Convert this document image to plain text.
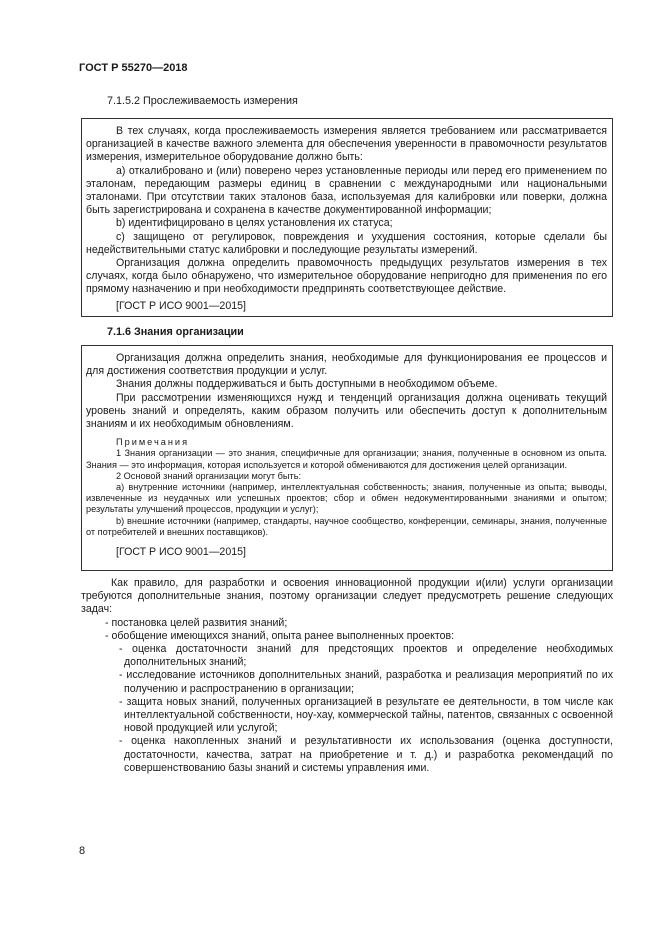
ГОСТ Р 55270—2018
7.1.5.2 Прослеживаемость измерения

В тех случаях, когда прослеживаемость измерения является требованием или рассматривается организацией в качестве важного элемента для обеспечения уверенности в правомочности результатов измерения, измерительное оборудование должно быть:

а) откалибровано и (или) поверено через установленные периоды или перед его применением по эталонам, передающим размеры единиц в сравнении с международными или национальными эталонами. При отсутствии таких эталонов база, используемая для калибровки или поверки, должна быть зарегистрирована и сохранена в качестве документированной информации;

b) идентифицировано в целях установления их статуса;

с) защищено от регулировок, повреждения и ухудшения состояния, которые сделали бы недействительными статус калибровки и последующие результаты измерений.

Организация должна определить правомочность предыдущих результатов измерения в тех случаях, когда было обнаружено, что измерительное оборудование непригодно для применения по его прямому назначению и при необходимости предпринять соответствующее действие.

[ГОСТ Р ИСО 9001—2015]
7.1.6 Знания организации

Организация должна определить знания, необходимые для функционирования ее процессов и для достижения соответствия продукции и услуг.

Знания должны поддерживаться и быть доступными в необходимом объеме.

При рассмотрении изменяющихся нужд и тенденций организация должна оценивать текущий уровень знаний и определять, каким образом получить или обеспечить доступ к дополнительным знаниям и их необходимым обновлениям.

Примечания

1 Знания организации — это знания, специфичные для организации; знания, полученные в основном из опыта. Знания — это информация, которая используется и которой обмениваются для достижения целей организации.

2 Основой знаний организации могут быть:

а) внутренние источники (например, интеллектуальная собственность; знания, полученные из опыта; выводы, извлеченные из неудачных или успешных проектов; сбор и обмен недокументированными знаниями и опытом; результаты улучшений процессов, продукции и услуг);

b) внешние источники (например, стандарты, научное сообщество, конференции, семинары, знания, полученные от потребителей и внешних поставщиков).

[ГОСТ Р ИСО 9001—2015]

Как правило, для разработки и освоения инновационной продукции и(или) услуги организации требуются дополнительные знания, поэтому организации следует предусмотреть решение следующих задач:

- постановка целей развития знаний;
- обобщение имеющихся знаний, опыта ранее выполненных проектов:
- оценка достаточности знаний для предстоящих проектов и определение необходимых дополнительных знаний;
- исследование источников дополнительных знаний, разработка и реализация мероприятий по их получению и распространению в организации;
- защита новых знаний, полученных организацией в результате ее деятельности, в том числе как интеллектуальной собственности, ноу-хау, коммерческой тайны, патентов, связанных с освоенной новой продукцией или услугой;
- оценка накопленных знаний и результативности их использования (оценка доступности, достаточности, качества, затрат на приобретение и т. д.) и разработка рекомендаций по совершенствованию базы знаний и системы управления ими.
8
